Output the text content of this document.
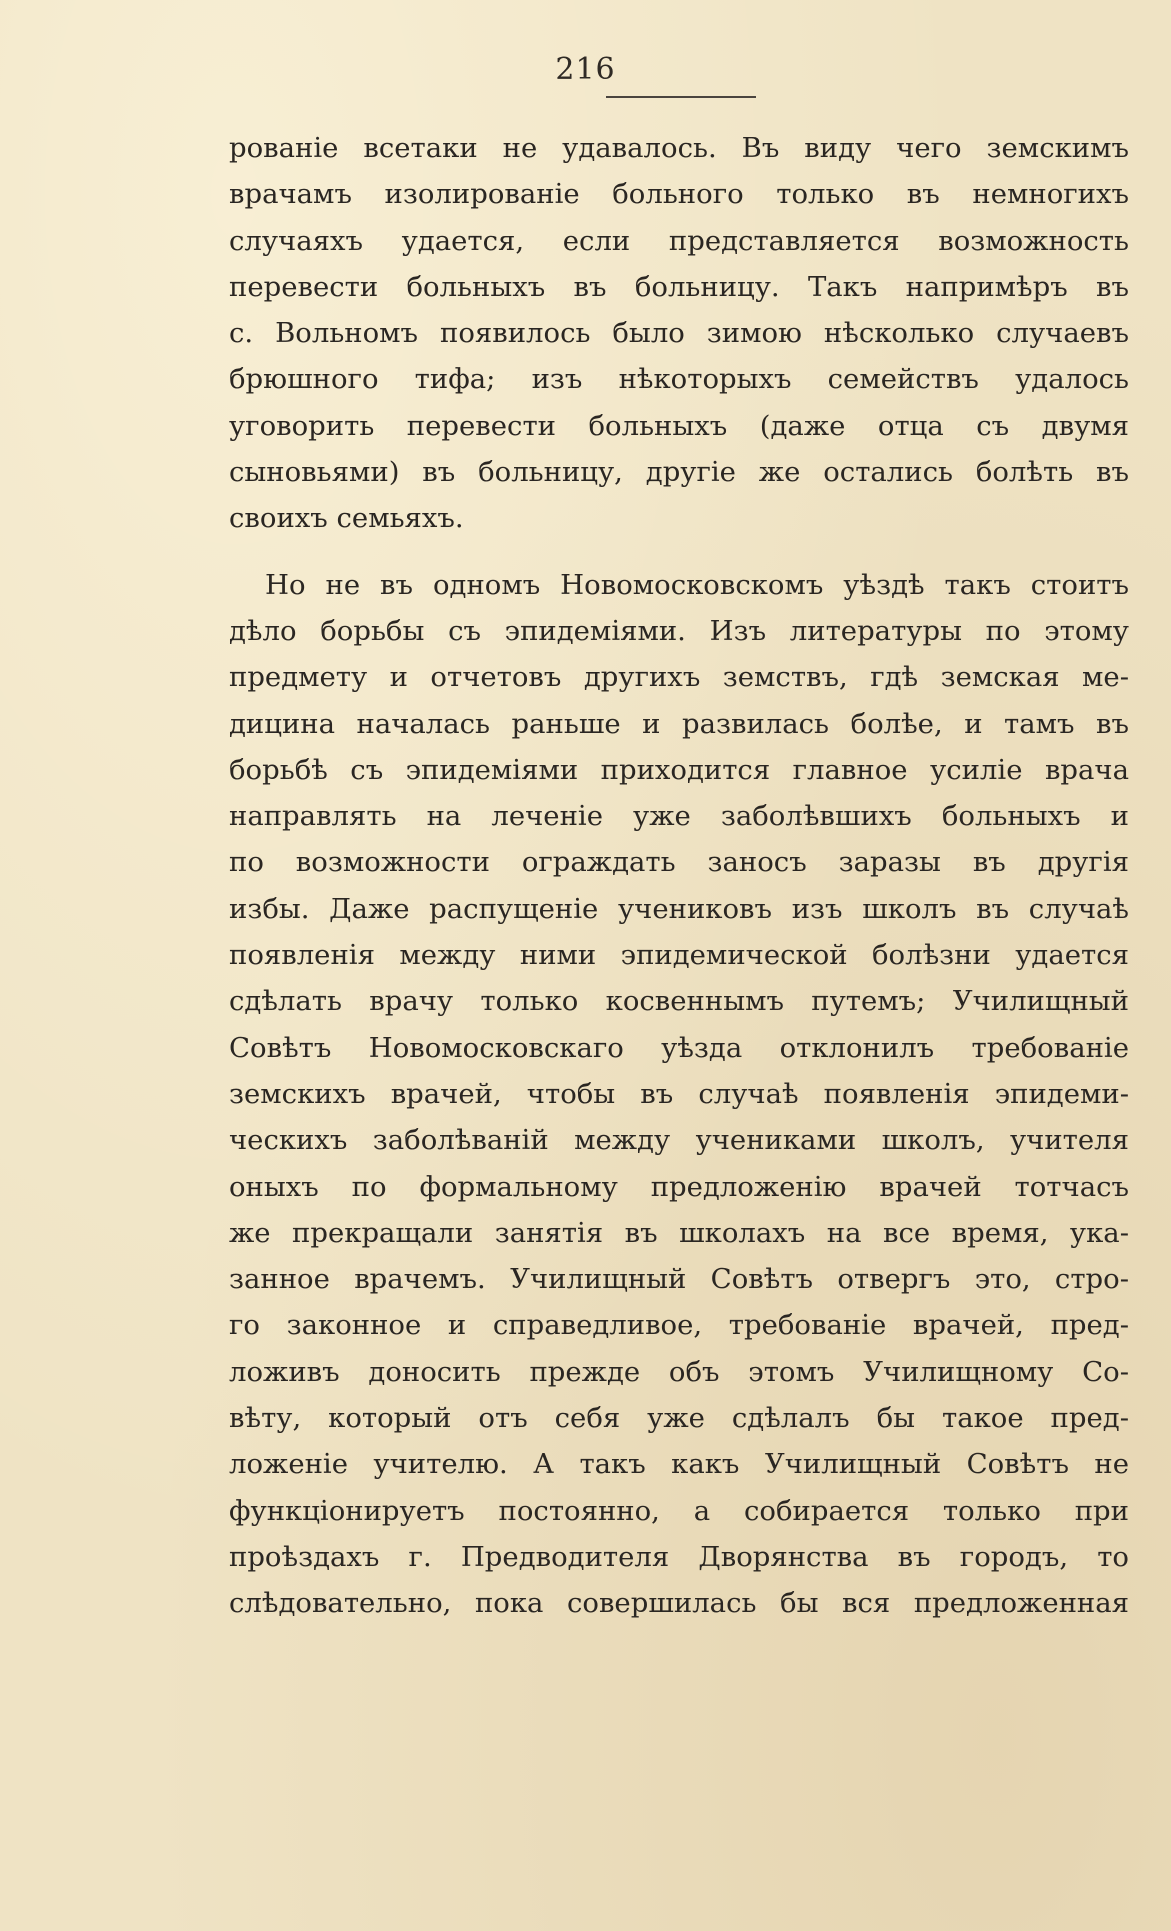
216

рованіе всетаки не удавалось. Въ виду чего земскимъ
врачамъ изолированіе больного только въ немногихъ
случаяхъ удается, если представляется возможность
перевести больныхъ въ больницу. Такъ напримѣръ въ
с. Вольномъ появилось было зимою нѣсколько случаевъ
брюшного тифа; изъ нѣкоторыхъ семействъ удалось
уговорить перевести больныхъ (даже отца съ двумя
сыновьями) въ больницу, другіе же остались болѣть въ
своихъ семьяхъ.

Но не въ одномъ Новомосковскомъ уѣздѣ такъ стоитъ
дѣло борьбы съ эпидеміями. Изъ литературы по этому
предмету и отчетовъ другихъ земствъ, гдѣ земская ме-
дицина началась раньше и развилась болѣе, и тамъ въ
борьбѣ съ эпидеміями приходится главное усиліе врача
направлять на леченіе уже заболѣвшихъ больныхъ и
по возможности ограждать заносъ заразы въ другія
избы. Даже распущеніе учениковъ изъ школъ въ случаѣ
появленія между ними эпидемической болѣзни удается
сдѣлать врачу только косвеннымъ путемъ; Училищный
Совѣтъ Новомосковскаго уѣзда отклонилъ требованіе
земскихъ врачей, чтобы въ случаѣ появленія эпидеми-
ческихъ заболѣваній между учениками школъ, учителя
оныхъ по формальному предложенію врачей тотчасъ
же прекращали занятія въ школахъ на все время, ука-
занное врачемъ. Училищный Совѣтъ отвергъ это, стро-
го законное и справедливое, требованіе врачей, пред-
ложивъ доносить прежде объ этомъ Училищному Со-
вѣту, который отъ себя уже сдѣлалъ бы такое пред-
ложеніе учителю. А такъ какъ Училищный Совѣтъ не
функціонируетъ постоянно, а собирается только при
проѣздахъ г. Предводителя Дворянства въ городъ, то
слѣдовательно, пока совершилась бы вся предложенная
